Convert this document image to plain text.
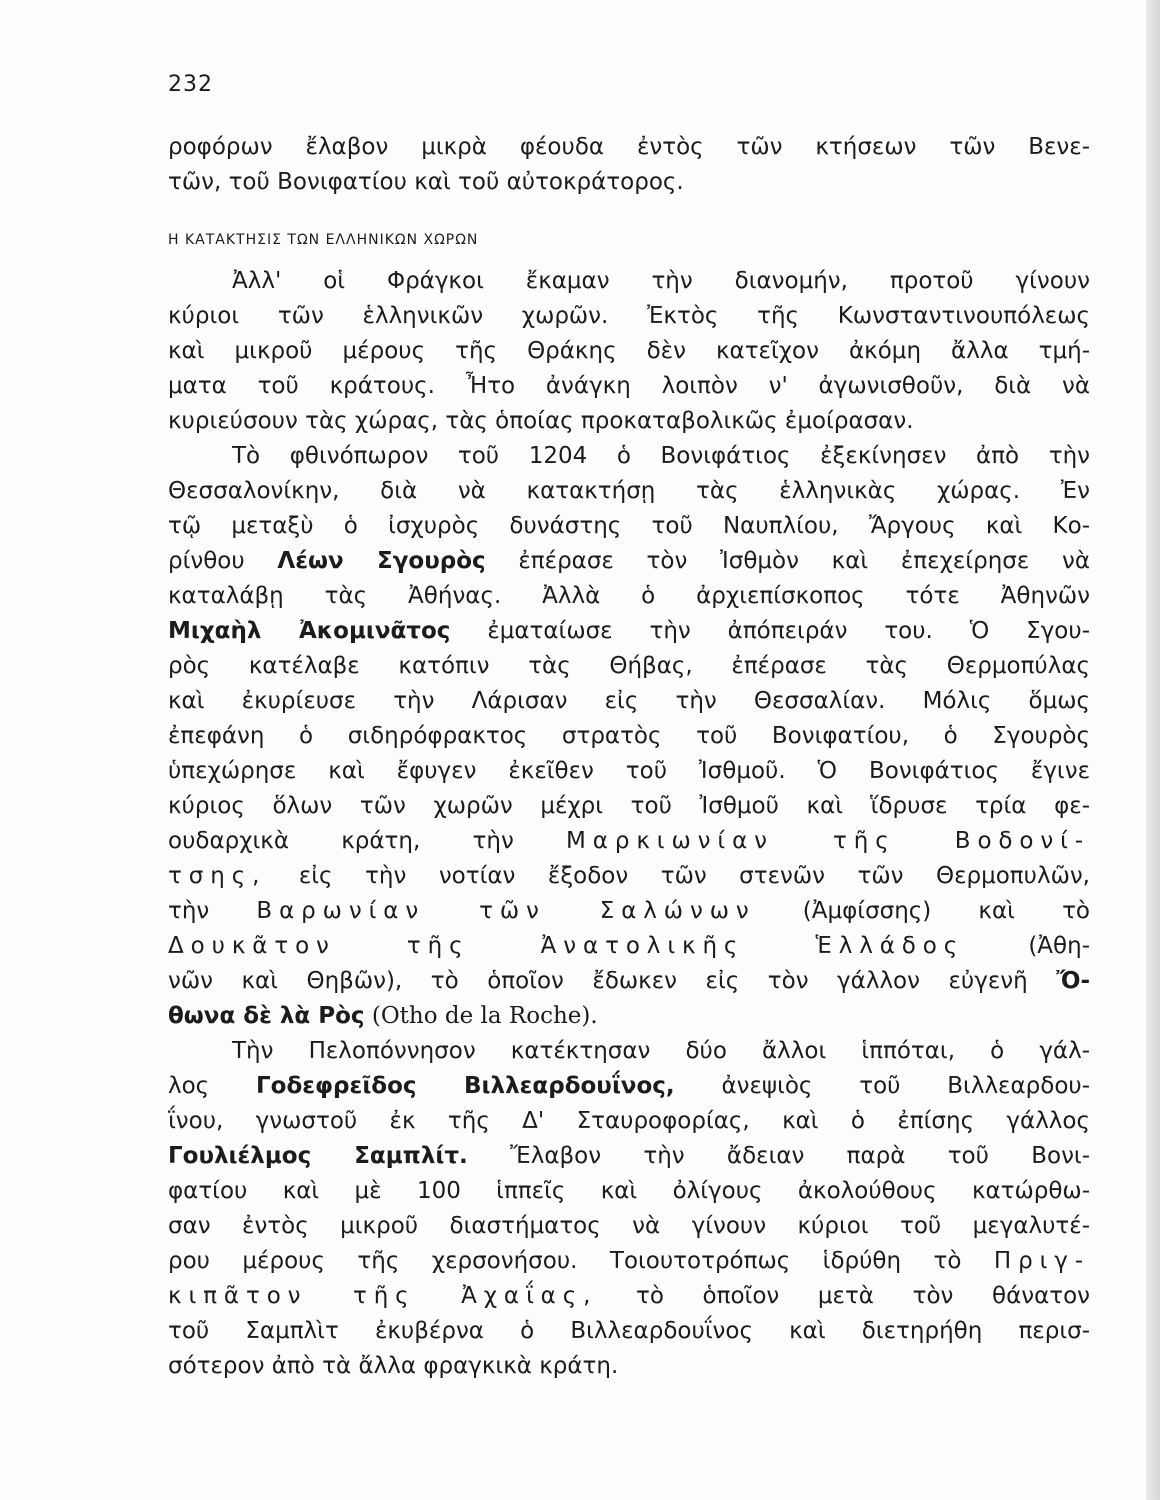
232
ροφόρων ἔλαβον μικρὰ φέουδα ἐντὸς τῶν κτήσεων τῶν Βενε-
τῶν, τοῦ Βονιφατίου καὶ τοῦ αὐτοκράτορος.
Η ΚΑΤΑΚΤΗΣΙΣ ΤΩΝ ΕΛΛΗΝΙΚΩΝ ΧΩΡΩΝ
Ἀλλ' οἱ Φράγκοι ἔκαμαν τὴν διανομήν, προτοῦ γίνουν
κύριοι τῶν ἑλληνικῶν χωρῶν. Ἐκτὸς τῆς Κωνσταντινουπόλεως
καὶ μικροῦ μέρους τῆς Θράκης δὲν κατεῖχον ἀκόμη ἄλλα τμή-
ματα τοῦ κράτους. Ἦτο ἀνάγκη λοιπὸν ν' ἀγωνισθοῦν, διὰ νὰ
κυριεύσουν τὰς χώρας, τὰς ὁποίας προκαταβολικῶς ἐμοίρασαν.
Τὸ φθινόπωρον τοῦ 1204 ὁ Βονιφάτιος ἐξεκίνησεν ἀπὸ τὴν
Θεσσαλονίκην, διὰ νὰ κατακτήσῃ τὰς ἑλληνικὰς χώρας. Ἐν
τῷ μεταξὺ ὁ ἰσχυρὸς δυνάστης τοῦ Ναυπλίου, Ἄργους καὶ Κο-
ρίνθου Λέων Σγουρὸς ἐπέρασε τὸν Ἰσθμὸν καὶ ἐπεχείρησε νὰ
καταλάβῃ τὰς Ἀθήνας. Ἀλλὰ ὁ ἀρχιεπίσκοπος τότε Ἀθηνῶν
Μιχαὴλ Ἀκομινᾶτος ἐματαίωσε τὴν ἀπόπειράν του. Ὁ Σγου-
ρὸς κατέλαβε κατόπιν τὰς Θήβας, ἐπέρασε τὰς Θερμοπύλας
καὶ ἐκυρίευσε τὴν Λάρισαν εἰς τὴν Θεσσαλίαν. Μόλις ὅμως
ἐπεφάνη ὁ σιδηρόφρακτος στρατὸς τοῦ Βονιφατίου, ὁ Σγουρὸς
ὑπεχώρησε καὶ ἔφυγεν ἐκεῖθεν τοῦ Ἰσθμοῦ. Ὁ Βονιφάτιος ἔγινε
κύριος ὅλων τῶν χωρῶν μέχρι τοῦ Ἰσθμοῦ καὶ ἵδρυσε τρία φε-
ουδαρχικὰ κράτη, τὴν Μαρκιωνίαν τῆς Βοδονί-
τσης, εἰς τὴν νοτίαν ἔξοδον τῶν στενῶν τῶν Θερμοπυλῶν,
τὴν Βαρωνίαν τῶν Σαλώνων (Ἀμφίσσης) καὶ τὸ
Δουκᾶτον τῆς Ἀνατολικῆς Ἑλλάδος (Ἀθη-
νῶν καὶ Θηβῶν), τὸ ὁποῖον ἔδωκεν εἰς τὸν γάλλον εὐγενῆ Ὄ-
θωνα δὲ λὰ Ρὸς (Otho de la Roche).
Τὴν Πελοπόννησον κατέκτησαν δύο ἄλλοι ἱππόται, ὁ γάλ-
λος Γοδεφρεῖδος Βιλλεαρδουΐνος, ἀνεψιὸς τοῦ Βιλλεαρδου-
ΐνου, γνωστοῦ ἐκ τῆς Δ' Σταυροφορίας, καὶ ὁ ἐπίσης γάλλος
Γουλιέλμος Σαμπλίτ. Ἔλαβον τὴν ἄδειαν παρὰ τοῦ Βονι-
φατίου καὶ μὲ 100 ἱππεῖς καὶ ὀλίγους ἀκολούθους κατώρθω-
σαν ἐντὸς μικροῦ διαστήματος νὰ γίνουν κύριοι τοῦ μεγαλυτέ-
ρου μέρους τῆς χερσονήσου. Τοιουτοτρόπως ἱδρύθη τὸ Πριγ-
κιπᾶτον τῆς Ἀχαΐας, τὸ ὁποῖον μετὰ τὸν θάνατον
τοῦ Σαμπλὶτ ἐκυβέρνα ὁ Βιλλεαρδουΐνος καὶ διετηρήθη περισ-
σότερον ἀπὸ τὰ ἄλλα φραγκικὰ κράτη.
